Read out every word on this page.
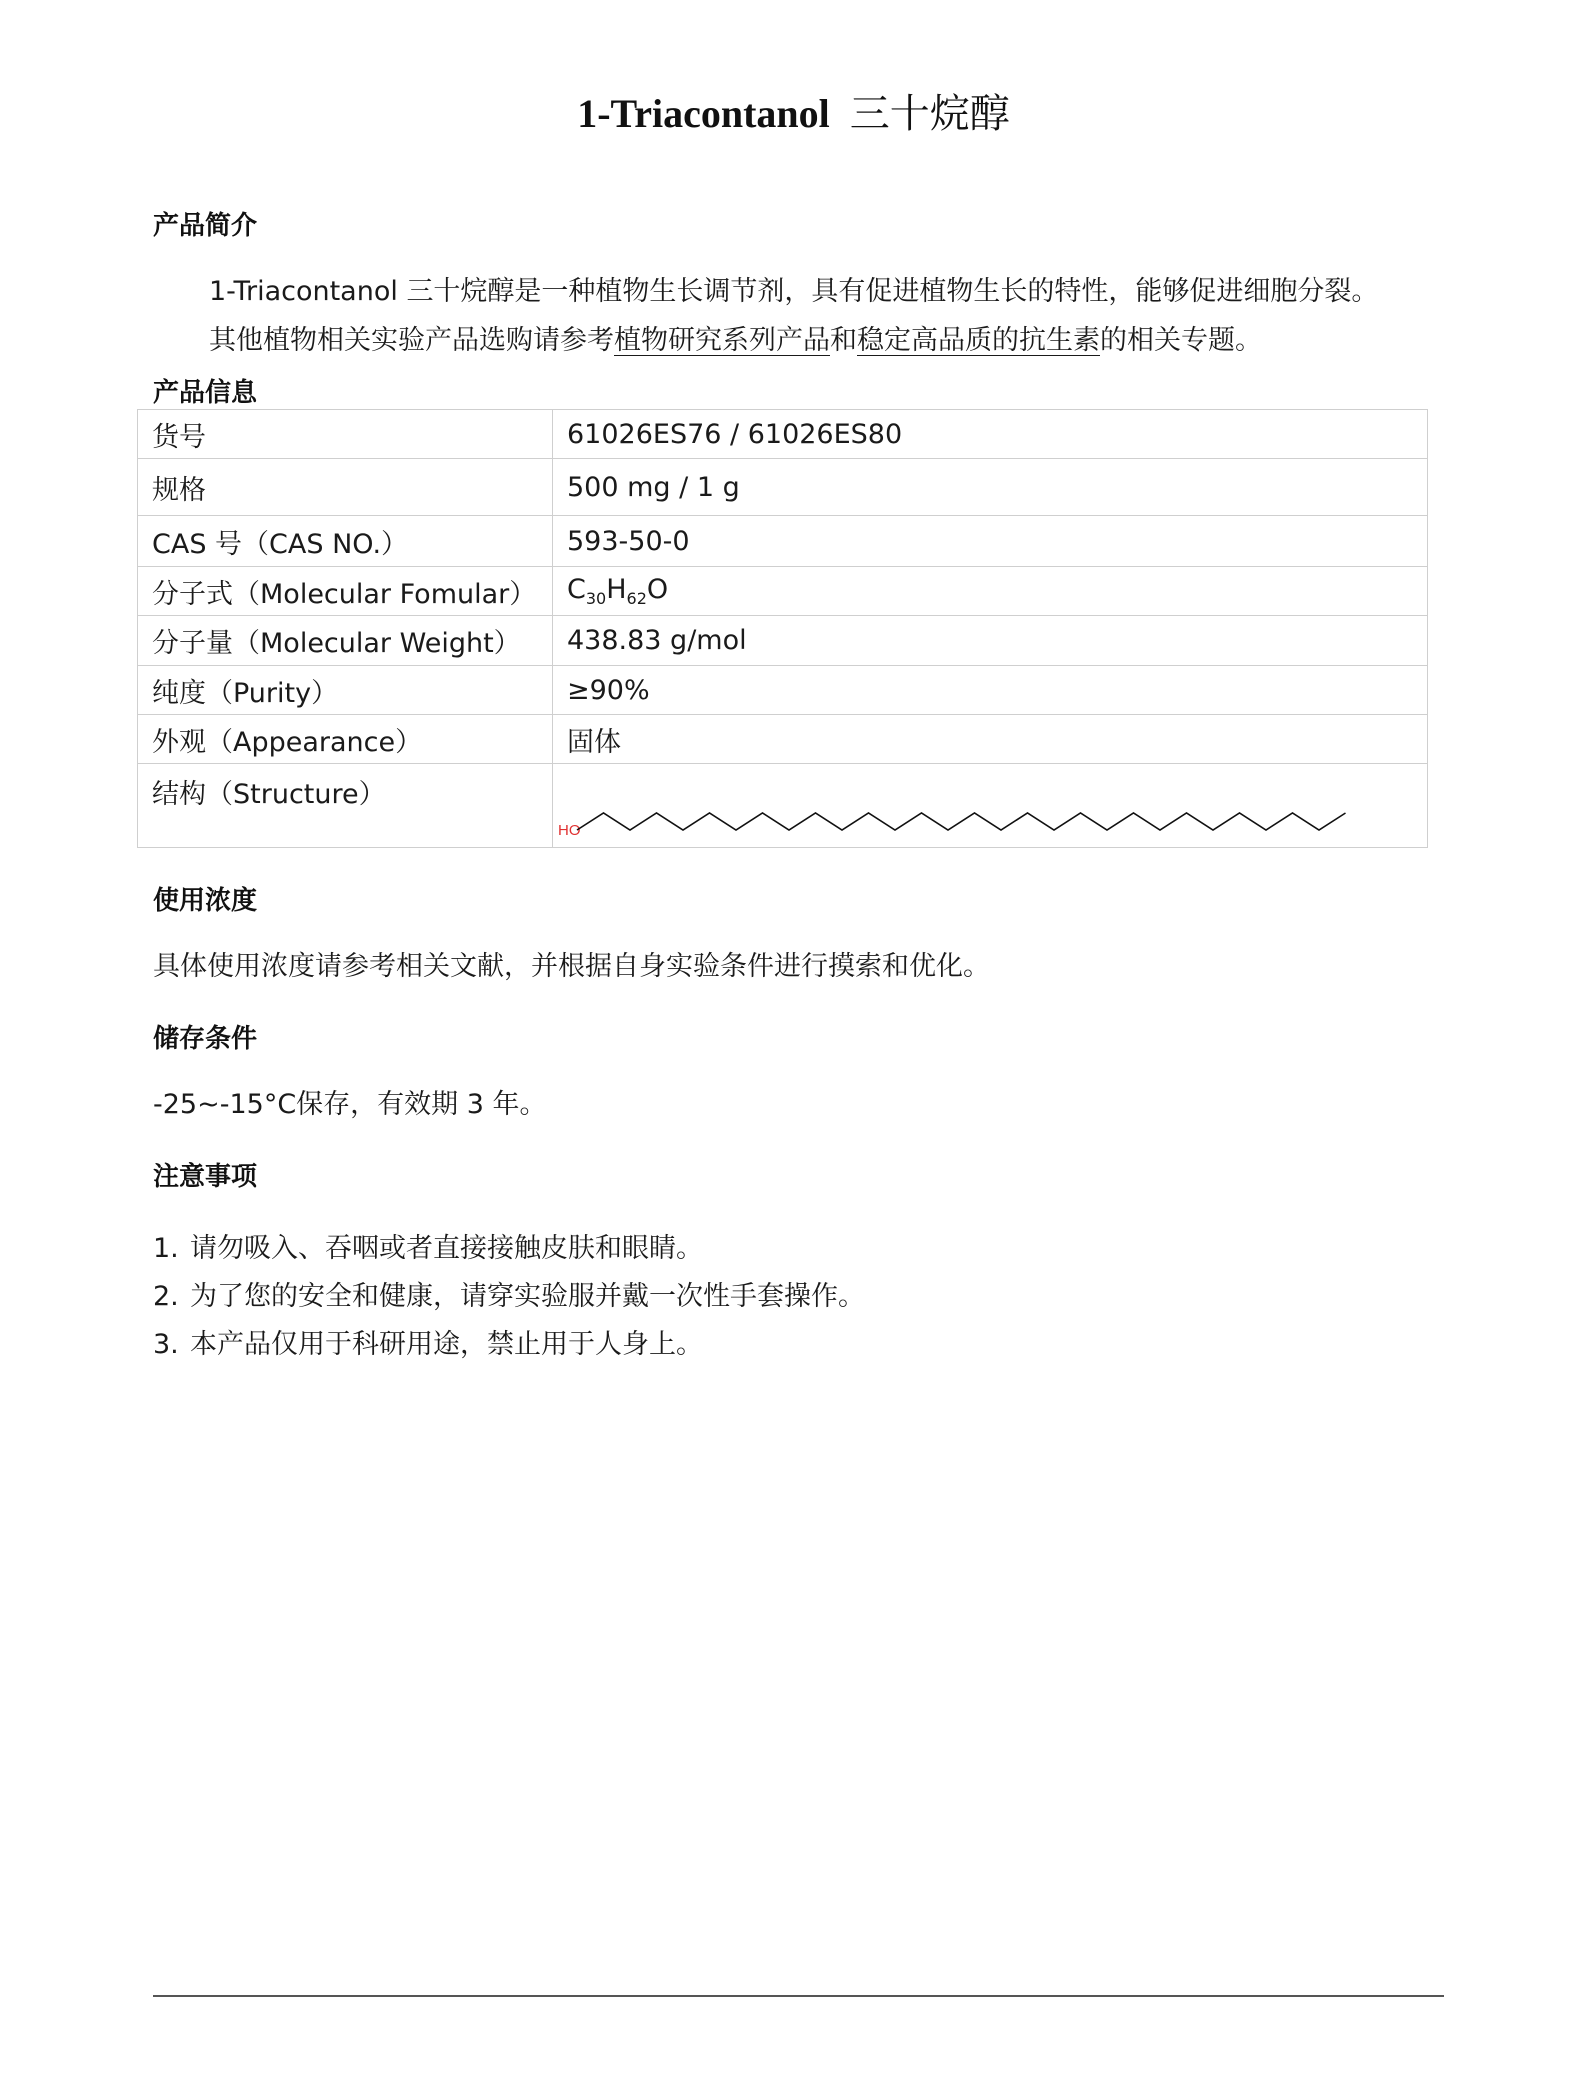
1-Triacontanol 三十烷醇
产品简介
1-Triacontanol 三十烷醇是一种植物生长调节剂，具有促进植物生长的特性，能够促进细胞分裂。
其他植物相关实验产品选购请参考植物研究系列产品和稳定高品质的抗生素的相关专题。
产品信息
货号	61026ES76 / 61026ES80
规格	500 mg / 1 g
CAS 号（CAS NO.）	593-50-0
分子式（Molecular Fomular）	$C_{30}H_{62}O$
分子量（Molecular Weight）	438.83 g/mol
纯度（Purity）	≥90%
外观（Appearance）	固体
结构（Structure）	HO
使用浓度
具体使用浓度请参考相关文献，并根据自身实验条件进行摸索和优化。
储存条件
-25~-15°C保存，有效期 3 年。
注意事项
1. 请勿吸入、吞咽或者直接接触皮肤和眼睛。
2. 为了您的安全和健康，请穿实验服并戴一次性手套操作。
3. 本产品仅用于科研用途，禁止用于人身上。
